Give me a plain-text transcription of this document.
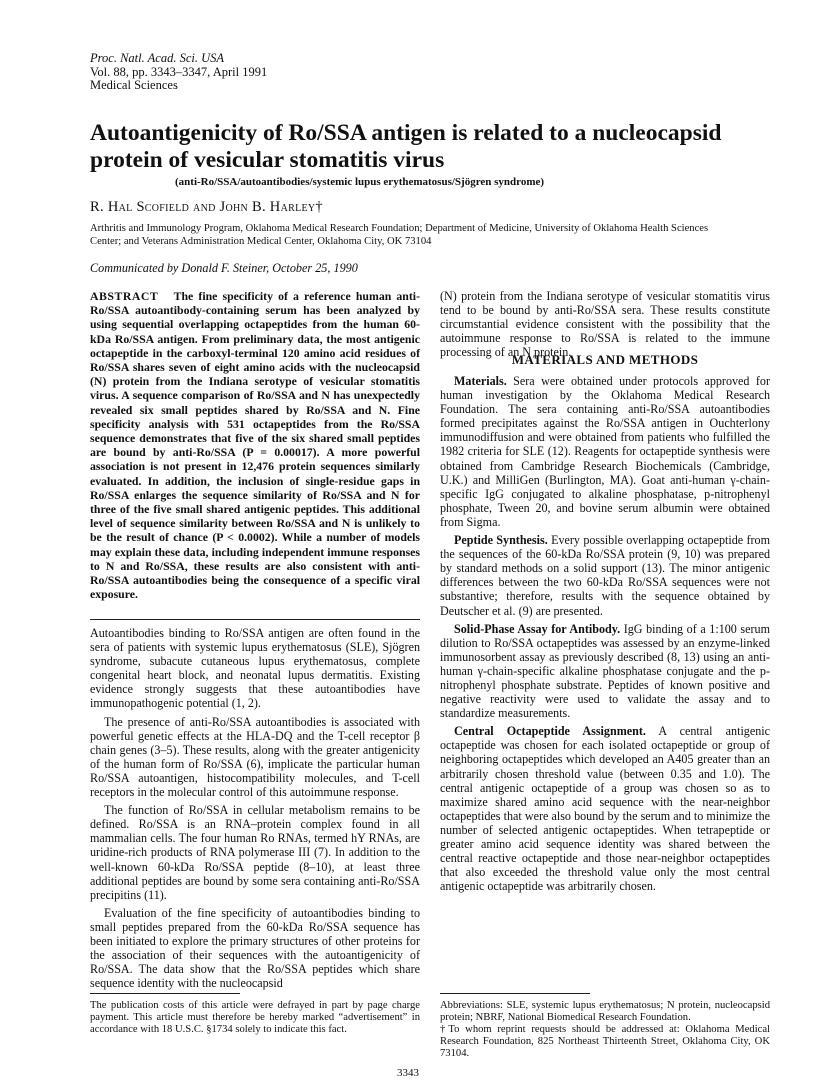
Proc. Natl. Acad. Sci. USA
Vol. 88, pp. 3343–3347, April 1991
Medical Sciences
Autoantigenicity of Ro/SSA antigen is related to a nucleocapsid protein of vesicular stomatitis virus
(anti-Ro/SSA/autoantibodies/systemic lupus erythematosus/Sjögren syndrome)
R. Hal Scofield and John B. Harley†
Arthritis and Immunology Program, Oklahoma Medical Research Foundation; Department of Medicine, University of Oklahoma Health Sciences Center; and Veterans Administration Medical Center, Oklahoma City, OK 73104
Communicated by Donald F. Steiner, October 25, 1990
ABSTRACT The fine specificity of a reference human anti-Ro/SSA autoantibody-containing serum has been analyzed by using sequential overlapping octapeptides from the human 60-kDa Ro/SSA antigen. From preliminary data, the most antigenic octapeptide in the carboxyl-terminal 120 amino acid residues of Ro/SSA shares seven of eight amino acids with the nucleocapsid (N) protein from the Indiana serotype of vesicular stomatitis virus. A sequence comparison of Ro/SSA and N has unexpectedly revealed six small peptides shared by Ro/SSA and N. Fine specificity analysis with 531 octapeptides from the Ro/SSA sequence demonstrates that five of the six shared small peptides are bound by anti-Ro/SSA (P = 0.00017). A more powerful association is not present in 12,476 protein sequences similarly evaluated. In addition, the inclusion of single-residue gaps in Ro/SSA enlarges the sequence similarity of Ro/SSA and N for three of the five small shared antigenic peptides. This additional level of sequence similarity between Ro/SSA and N is unlikely to be the result of chance (P < 0.0002). While a number of models may explain these data, including independent immune responses to N and Ro/SSA, these results are also consistent with anti-Ro/SSA autoantibodies being the consequence of a specific viral exposure.

Autoantibodies binding to Ro/SSA antigen are often found in the sera of patients with systemic lupus erythematosus (SLE), Sjögren syndrome, subacute cutaneous lupus erythematosus, complete congenital heart block, and neonatal lupus dermatitis. Existing evidence strongly suggests that these autoantibodies have immunopathogenic potential (1, 2).

The presence of anti-Ro/SSA autoantibodies is associated with powerful genetic effects at the HLA-DQ and the T-cell receptor β chain genes (3–5). These results, along with the greater antigenicity of the human form of Ro/SSA (6), implicate the particular human Ro/SSA autoantigen, histocompatibility molecules, and T-cell receptors in the molecular control of this autoimmune response.

The function of Ro/SSA in cellular metabolism remains to be defined. Ro/SSA is an RNA–protein complex found in all mammalian cells. The four human Ro RNAs, termed hY RNAs, are uridine-rich products of RNA polymerase III (7). In addition to the well-known 60-kDa Ro/SSA peptide (8–10), at least three additional peptides are bound by some sera containing anti-Ro/SSA precipitins (11).

Evaluation of the fine specificity of autoantibodies binding to small peptides prepared from the 60-kDa Ro/SSA sequence has been initiated to explore the primary structures of other proteins for the association of their sequences with the autoantigenicity of Ro/SSA. The data show that the Ro/SSA peptides which share sequence identity with the nucleocapsid

The publication costs of this article were defrayed in part by page charge payment. This article must therefore be hereby marked “advertisement” in accordance with 18 U.S.C. §1734 solely to indicate this fact.
(N) protein from the Indiana serotype of vesicular stomatitis virus tend to be bound by anti-Ro/SSA sera. These results constitute circumstantial evidence consistent with the possibility that the autoimmune response to Ro/SSA is related to the immune processing of an N protein.
MATERIALS AND METHODS

Materials. Sera were obtained under protocols approved for human investigation by the Oklahoma Medical Research Foundation. The sera containing anti-Ro/SSA autoantibodies formed precipitates against the Ro/SSA antigen in Ouchterlony immunodiffusion and were obtained from patients who fulfilled the 1982 criteria for SLE (12). Reagents for octapeptide synthesis were obtained from Cambridge Research Biochemicals (Cambridge, U.K.) and MilliGen (Burlington, MA). Goat anti-human γ-chain-specific IgG conjugated to alkaline phosphatase, p-nitrophenyl phosphate, Tween 20, and bovine serum albumin were obtained from Sigma.

Peptide Synthesis. Every possible overlapping octapeptide from the sequences of the 60-kDa Ro/SSA protein (9, 10) was prepared by standard methods on a solid support (13). The minor antigenic differences between the two 60-kDa Ro/SSA sequences were not substantive; therefore, results with the sequence obtained by Deutscher et al. (9) are presented.

Solid-Phase Assay for Antibody. IgG binding of a 1:100 serum dilution to Ro/SSA octapeptides was assessed by an enzyme-linked immunosorbent assay as previously described (8, 13) using an anti-human γ-chain-specific alkaline phosphatase conjugate and the p-nitrophenyl phosphate substrate. Peptides of known positive and negative reactivity were used to validate the assay and to standardize measurements.

Central Octapeptide Assignment. A central antigenic octapeptide was chosen for each isolated octapeptide or group of neighboring octapeptides which developed an A405 greater than an arbitrarily chosen threshold value (between 0.35 and 1.0). The central antigenic octapeptide of a group was chosen so as to maximize shared amino acid sequence with the near-neighbor octapeptides that were also bound by the serum and to minimize the number of selected antigenic octapeptides. When tetrapeptide or greater amino acid sequence identity was shared between the central reactive octapeptide and those near-neighbor octapeptides that also exceeded the threshold value only the most central antigenic octapeptide was arbitrarily chosen.

Abbreviations: SLE, systemic lupus erythematosus; N protein, nucleocapsid protein; NBRF, National Biomedical Research Foundation.
†To whom reprint requests should be addressed at: Oklahoma Medical Research Foundation, 825 Northeast Thirteenth Street, Oklahoma City, OK 73104.
3343
